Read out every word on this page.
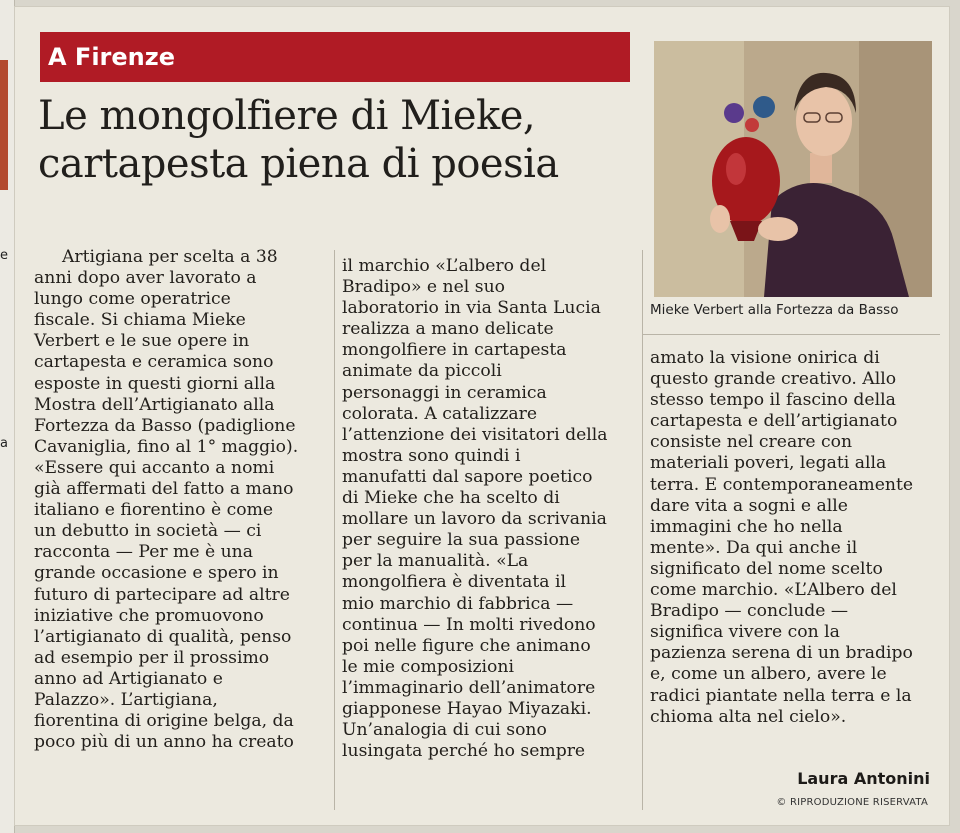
e
a
A Firenze
Le mongolfiere di Mieke,
cartapesta piena di poesia
Mieke Verbert alla Fortezza da Basso
Artigiana per scelta a 38
anni dopo aver lavorato a
lungo come operatrice
fiscale. Si chiama Mieke
Verbert e le sue opere in
cartapesta e ceramica sono
esposte in questi giorni alla
Mostra dell’Artigianato alla
Fortezza da Basso (padiglione
Cavaniglia, fino al 1° maggio).
«Essere qui accanto a nomi
già affermati del fatto a mano
italiano e fiorentino è come
un debutto in società — ci
racconta — Per me è una
grande occasione e spero in
futuro di partecipare ad altre
iniziative che promuovono
l’artigianato di qualità, penso
ad esempio per il prossimo
anno ad Artigianato e
Palazzo». L’artigiana,
fiorentina di origine belga, da
poco più di un anno ha creato
il marchio «L’albero del
Bradipo» e nel suo
laboratorio in via Santa Lucia
realizza a mano delicate
mongolfiere in cartapesta
animate da piccoli
personaggi in ceramica
colorata. A catalizzare
l’attenzione dei visitatori della
mostra sono quindi i
manufatti dal sapore poetico
di Mieke che ha scelto di
mollare un lavoro da scrivania
per seguire la sua passione
per la manualità. «La
mongolfiera è diventata il
mio marchio di fabbrica —
continua — In molti rivedono
poi nelle figure che animano
le mie composizioni
l’immaginario dell’animatore
giapponese Hayao Miyazaki.
Un’analogia di cui sono
lusingata perché ho sempre
amato la visione onirica di
questo grande creativo. Allo
stesso tempo il fascino della
cartapesta e dell’artigianato
consiste nel creare con
materiali poveri, legati alla
terra. E contemporaneamente
dare vita a sogni e alle
immagini che ho nella
mente». Da qui anche il
significato del nome scelto
come marchio. «L’Albero del
Bradipo — conclude —
significa vivere con la
pazienza serena di un bradipo
e, come un albero, avere le
radici piantate nella terra e la
chioma alta nel cielo».
Laura Antonini
© RIPRODUZIONE RISERVATA
